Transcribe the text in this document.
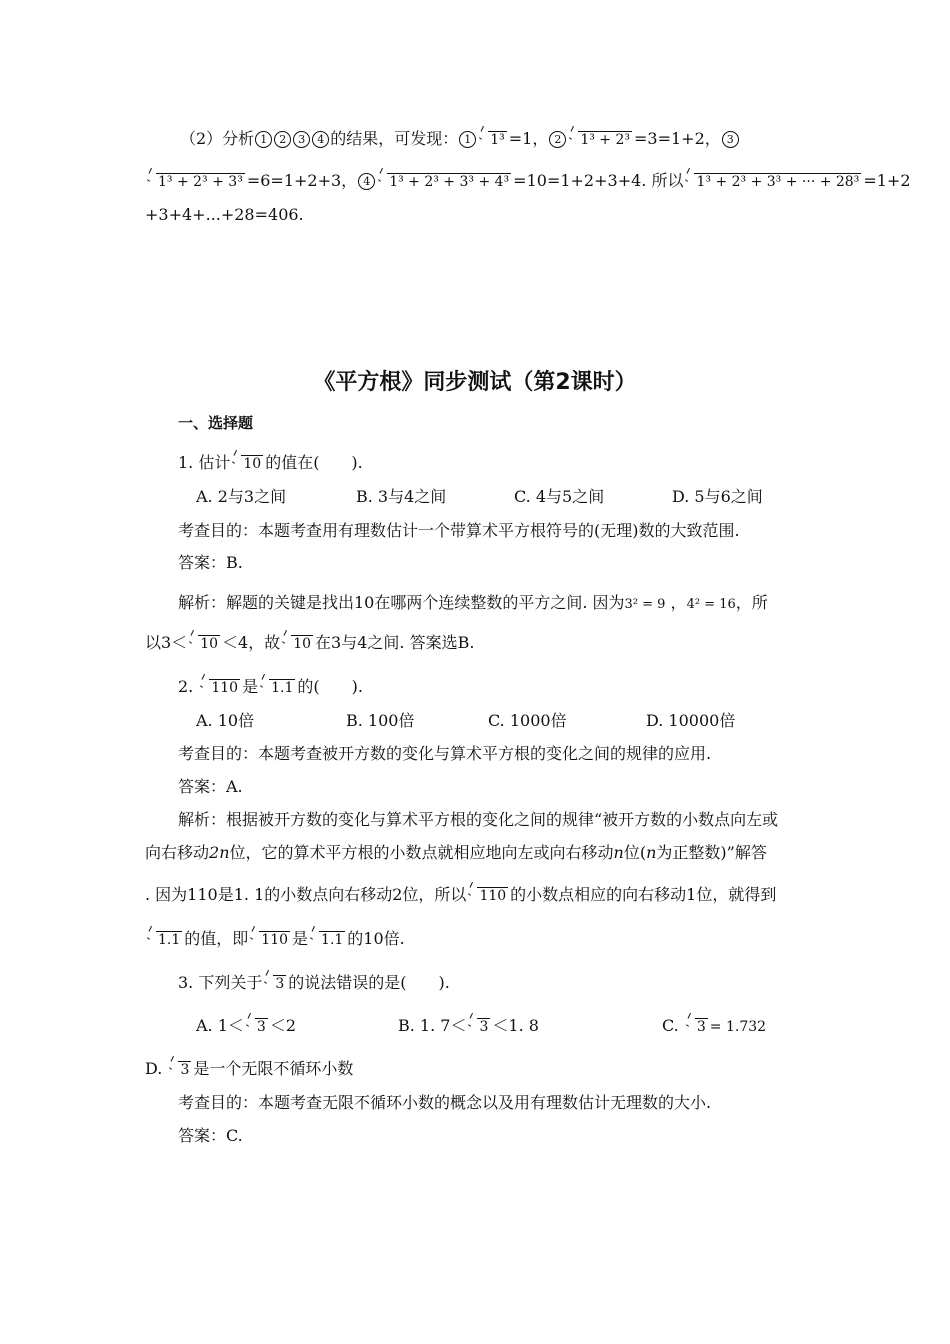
（2）分析 1 2 3 4 的结果，可发现： 1 1³ =1， 2 1³ + 2³ =3=1+2， 3
1³ + 2³ + 3³ =6=1+2+3， 4 1³ + 2³ + 3³ + 4³ =10=1+2+3+4. 所以 1³ + 2³ + 3³ + ··· + 28³ =1+2
+3+4+...+28=406.
《平方根》同步测试（第2课时）
一、选择题
1. 估计 10 的值在(　　).
A. 2与3之间	B. 3与4之间	C. 4与5之间	D. 5与6之间
考查目的：本题考查用有理数估计一个带算术平方根符号的(无理)数的大致范围.
答案：B.
解析：解题的关键是找出10在哪两个连续整数的平方之间. 因为3² = 9 ，4² = 16，所
以3＜ 10 ＜4，故 10 在3与4之间. 答案选B.
2. 110 是 1.1 的(　　).
A. 10倍	B. 100倍	C. 1000倍	D. 10000倍
考查目的：本题考查被开方数的变化与算术平方根的变化之间的规律的应用.
答案：A.
解析：根据被开方数的变化与算术平方根的变化之间的规律“被开方数的小数点向左或
向右移动2n位，它的算术平方根的小数点就相应地向左或向右移动n位(n为正整数)”解答
. 因为110是1. 1的小数点向右移动2位，所以 110 的小数点相应的向右移动1位，就得到
1.1 的值，即 110 是 1.1 的10倍.
3. 下列关于 3 的说法错误的是(　　).
A. 1＜ 3 ＜2	B. 1. 7＜ 3 ＜1. 8	C. 3 = 1.732
D. 3 是一个无限不循环小数
考查目的：本题考查无限不循环小数的概念以及用有理数估计无理数的大小.
答案：C.
